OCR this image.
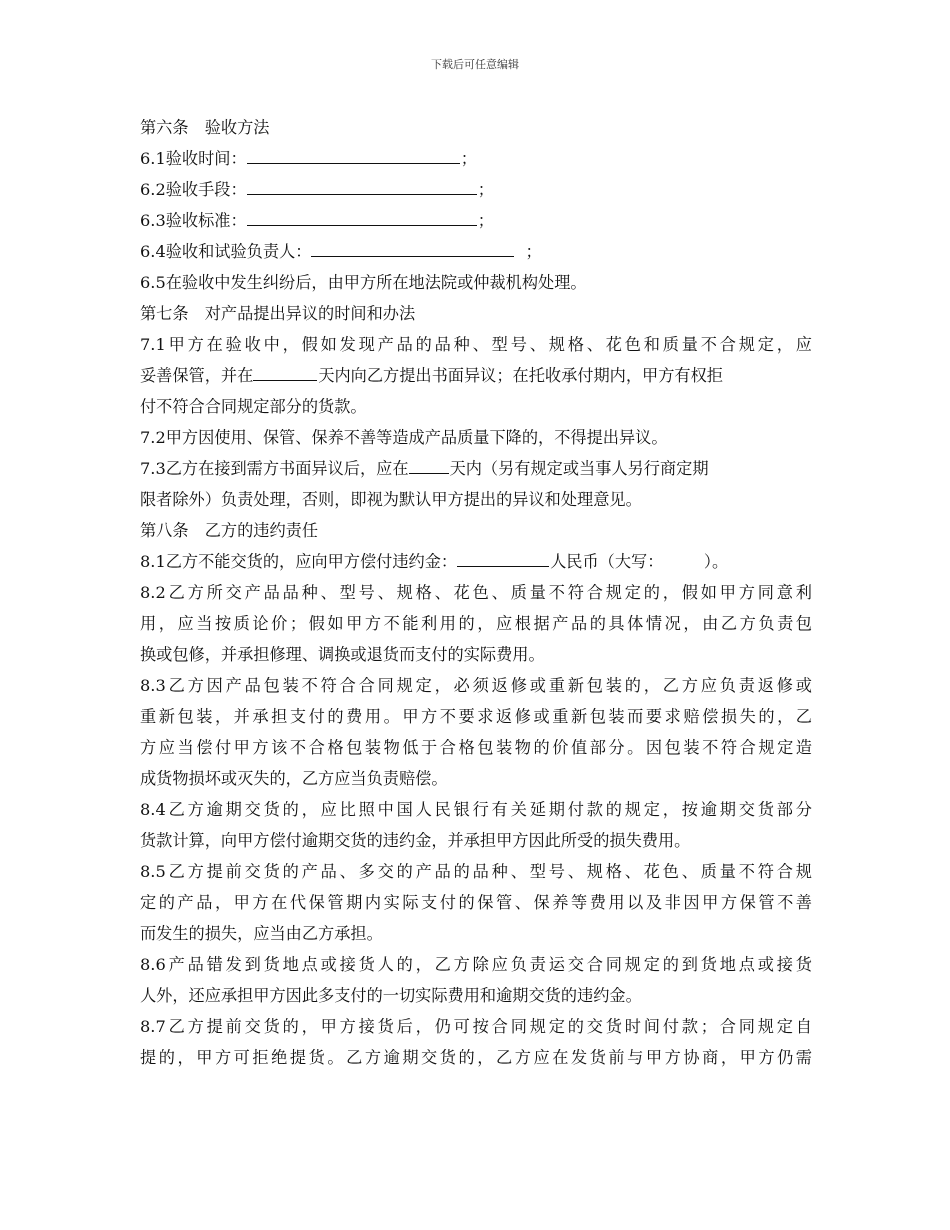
下载后可任意编辑
第六条　验收方法
6.1验收时间：	；
6.2验收手段：	；
6.3验收标准：	；
6.4验收和试验负责人：	；
6.5在验收中发生纠纷后，由甲方所在地法院或仲裁机构处理。
第七条　对产品提出异议的时间和办法
7.1甲方在验收中，假如发现产品的品种、型号、规格、花色和质量不合规定，应
妥善保管，并在	天内向乙方提出书面异议；在托收承付期内，甲方有权拒
付不符合合同规定部分的货款。
7.2甲方因使用、保管、保养不善等造成产品质量下降的，不得提出异议。
7.3乙方在接到需方书面异议后，应在	天内（另有规定或当事人另行商定期
限者除外）负责处理，否则，即视为默认甲方提出的异议和处理意见。
第八条　乙方的违约责任
8.1乙方不能交货的，应向甲方偿付违约金：	人民币（大写：　　　）。
8.2乙方所交产品品种、型号、规格、花色、质量不符合规定的，假如甲方同意利
用，应当按质论价；假如甲方不能利用的，应根据产品的具体情况，由乙方负责包
换或包修，并承担修理、调换或退货而支付的实际费用。
8.3乙方因产品包装不符合合同规定，必须返修或重新包装的，乙方应负责返修或
重新包装，并承担支付的费用。甲方不要求返修或重新包装而要求赔偿损失的，乙
方应当偿付甲方该不合格包装物低于合格包装物的价值部分。因包装不符合规定造
成货物损坏或灭失的，乙方应当负责赔偿。
8.4乙方逾期交货的，应比照中国人民银行有关延期付款的规定，按逾期交货部分
货款计算，向甲方偿付逾期交货的违约金，并承担甲方因此所受的损失费用。
8.5乙方提前交货的产品、多交的产品的品种、型号、规格、花色、质量不符合规
定的产品，甲方在代保管期内实际支付的保管、保养等费用以及非因甲方保管不善
而发生的损失，应当由乙方承担。
8.6产品错发到货地点或接货人的，乙方除应负责运交合同规定的到货地点或接货
人外，还应承担甲方因此多支付的一切实际费用和逾期交货的违约金。
8.7乙方提前交货的，甲方接货后，仍可按合同规定的交货时间付款；合同规定自
提的，甲方可拒绝提货。乙方逾期交货的，乙方应在发货前与甲方协商，甲方仍需
